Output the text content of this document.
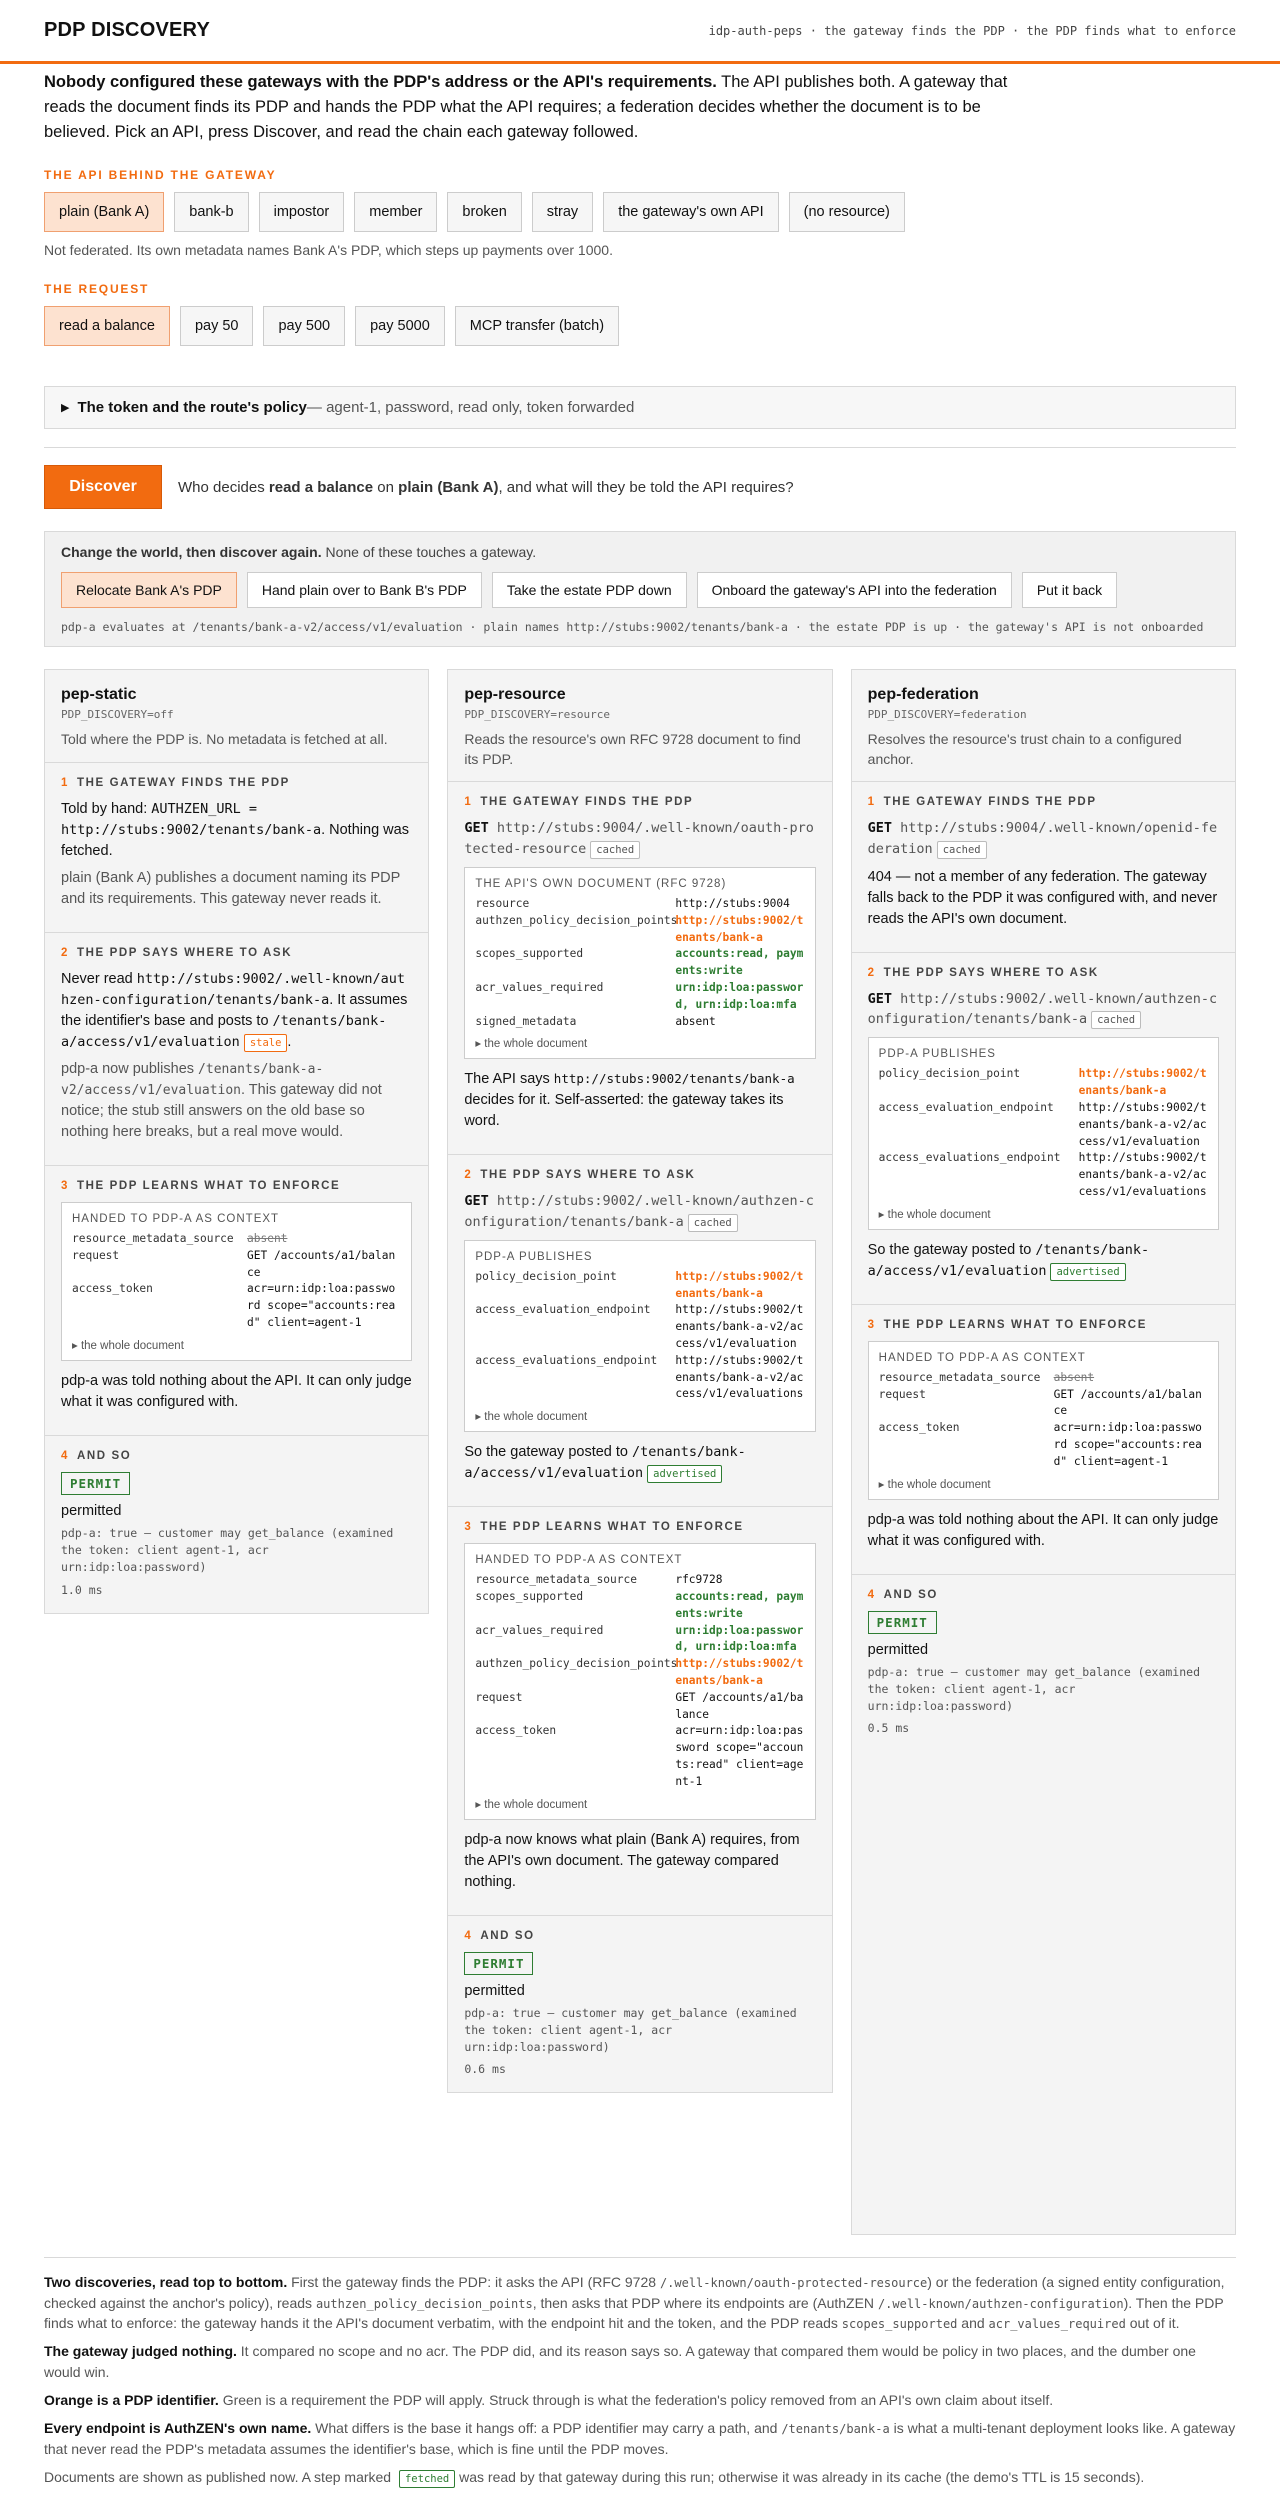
PDP DISCOVERY	idp-auth-peps · the gateway finds the PDP · the PDP finds what to enforce

Nobody configured these gateways with the PDP's address or the API's requirements. The API publishes both. A gateway that reads the document finds its PDP and hands the PDP what the API requires; a federation decides whether the document is to be believed. Pick an API, press Discover, and read the chain each gateway followed.

THE API BEHIND THE GATEWAY
plain (Bank A)	bank-b	impostor	member	broken	stray	the gateway's own API	(no resource)

Not federated. Its own metadata names Bank A's PDP, which steps up payments over 1000.

THE REQUEST
read a balance	pay 50	pay 500	pay 5000	MCP transfer (batch)
▶ The token and the route's policy — agent-1, password, read only, token forwarded
Discover	Who decides read a balance on plain (Bank A), and what will they be told the API requires?
Change the world, then discover again. None of these touches a gateway.
Relocate Bank A's PDP	Hand plain over to Bank B's PDP	Take the estate PDP down	Onboard the gateway's API into the federation	Put it back
pdp-a evaluates at /tenants/bank-a-v2/access/v1/evaluation · plain names http://stubs:9002/tenants/bank-a · the estate PDP is up · the gateway's API is not onboarded
pep-static
PDP_DISCOVERY=off
Told where the PDP is. No metadata is fetched at all.
1 THE GATEWAY FINDS THE PDP

Told by hand: AUTHZEN_URL = http://stubs:9002/tenants/bank-a. Nothing was fetched.

plain (Bank A) publishes a document naming its PDP and its requirements. This gateway never reads it.

2 THE PDP SAYS WHERE TO ASK

Never read http://stubs:9002/.well-known/authzen-configuration/tenants/bank-a. It assumes the identifier's base and posts to /tenants/bank-a/access/v1/evaluation stale .

pdp-a now publishes /tenants/bank-a-v2/access/v1/evaluation. This gateway did not notice; the stub still answers on the old base so nothing here breaks, but a real move would.

3 THE PDP LEARNS WHAT TO ENFORCE
HANDED TO PDP-A AS CONTEXT
resource_metadata_source absent
request	GET /accounts/a1/balance
access_token	acr=urn:idp:loa:password scope="accounts:read" client=agent-1
▸ the whole document

pdp-a was told nothing about the API. It can only judge what it was configured with.

4 AND SO
PERMIT
permitted
pdp-a: true — customer may get_balance (examined the token: client agent-1, acr urn:idp:loa:password)
1.0 ms
pep-resource
PDP_DISCOVERY=resource
Reads the resource's own RFC 9728 document to find its PDP.
1 THE GATEWAY FINDS THE PDP
GET http://stubs:9004/.well-known/oauth-protected-resource cached
THE API'S OWN DOCUMENT (RFC 9728)
resource	http://stubs:9004
authzen_policy_decision_points
http://stubs:9002/tenants/bank-a
scopes_supported	accounts:read, payments:write
acr_values_required	urn:idp:loa:password, urn:idp:loa:mfa
signed_metadata	absent
▸ the whole document

The API says http://stubs:9002/tenants/bank-a decides for it. Self-asserted: the gateway takes its word.

2 THE PDP SAYS WHERE TO ASK
GET http://stubs:9002/.well-known/authzen-configuration/tenants/bank-a cached
PDP-A PUBLISHES
policy_decision_point	http://stubs:9002/tenants/bank-a
access_evaluation_endpoint	http://stubs:9002/tenants/bank-a-v2/access/v1/evaluation
access_evaluations_endpoint	http://stubs:9002/tenants/bank-a-v2/access/v1/evaluations
▸ the whole document

So the gateway posted to /tenants/bank-a/access/v1/evaluation advertised

3 THE PDP LEARNS WHAT TO ENFORCE
HANDED TO PDP-A AS CONTEXT
resource_metadata_source	rfc9728
scopes_supported	accounts:read, payments:write
acr_values_required	urn:idp:loa:password, urn:idp:loa:mfa
authzen_policy_decision_points
http://stubs:9002/tenants/bank-a
request	GET /accounts/a1/balance
access_token	acr=urn:idp:loa:password scope="accounts:read" client=agent-1
▸ the whole document

pdp-a now knows what plain (Bank A) requires, from the API's own document. The gateway compared nothing.

4 AND SO
PERMIT
permitted
pdp-a: true — customer may get_balance (examined the token: client agent-1, acr urn:idp:loa:password)
0.6 ms
pep-federation
PDP_DISCOVERY=federation
Resolves the resource's trust chain to a configured anchor.
1 THE GATEWAY FINDS THE PDP
GET http://stubs:9004/.well-known/openid-federation cached

404 — not a member of any federation. The gateway falls back to the PDP it was configured with, and never reads the API's own document.

2 THE PDP SAYS WHERE TO ASK
GET http://stubs:9002/.well-known/authzen-configuration/tenants/bank-a cached
PDP-A PUBLISHES
policy_decision_point	http://stubs:9002/tenants/bank-a
access_evaluation_endpoint	http://stubs:9002/tenants/bank-a-v2/access/v1/evaluation
access_evaluations_endpoint	http://stubs:9002/tenants/bank-a-v2/access/v1/evaluations
▸ the whole document

So the gateway posted to /tenants/bank-a/access/v1/evaluation advertised

3 THE PDP LEARNS WHAT TO ENFORCE
HANDED TO PDP-A AS CONTEXT
resource_metadata_source absent
request	GET /accounts/a1/balance
access_token	acr=urn:idp:loa:password scope="accounts:read" client=agent-1
▸ the whole document

pdp-a was told nothing about the API. It can only judge what it was configured with.

4 AND SO
PERMIT
permitted
pdp-a: true — customer may get_balance (examined the token: client agent-1, acr urn:idp:loa:password)
0.5 ms

Two discoveries, read top to bottom. First the gateway finds the PDP: it asks the API (RFC 9728 /.well-known/oauth-protected-resource) or the federation (a signed entity configuration, checked against the anchor's policy), reads authzen_policy_decision_points, then asks that PDP where its endpoints are (AuthZEN /.well-known/authzen-configuration). Then the PDP finds what to enforce: the gateway hands it the API's document verbatim, with the endpoint hit and the token, and the PDP reads scopes_supported and acr_values_required out of it.

The gateway judged nothing. It compared no scope and no acr. The PDP did, and its reason says so. A gateway that compared them would be policy in two places, and the dumber one would win.

Orange is a PDP identifier. Green is a requirement the PDP will apply. Struck through is what the federation's policy removed from an API's own claim about itself.

Every endpoint is AuthZEN's own name. What differs is the base it hangs off: a PDP identifier may carry a path, and /tenants/bank-a is what a multi-tenant deployment looks like. A gateway that never read the PDP's metadata assumes the identifier's base, which is fine until the PDP moves.

Documents are shown as published now. A step marked fetched was read by that gateway during this run; otherwise it was already in its cache (the demo's TTL is 15 seconds).
